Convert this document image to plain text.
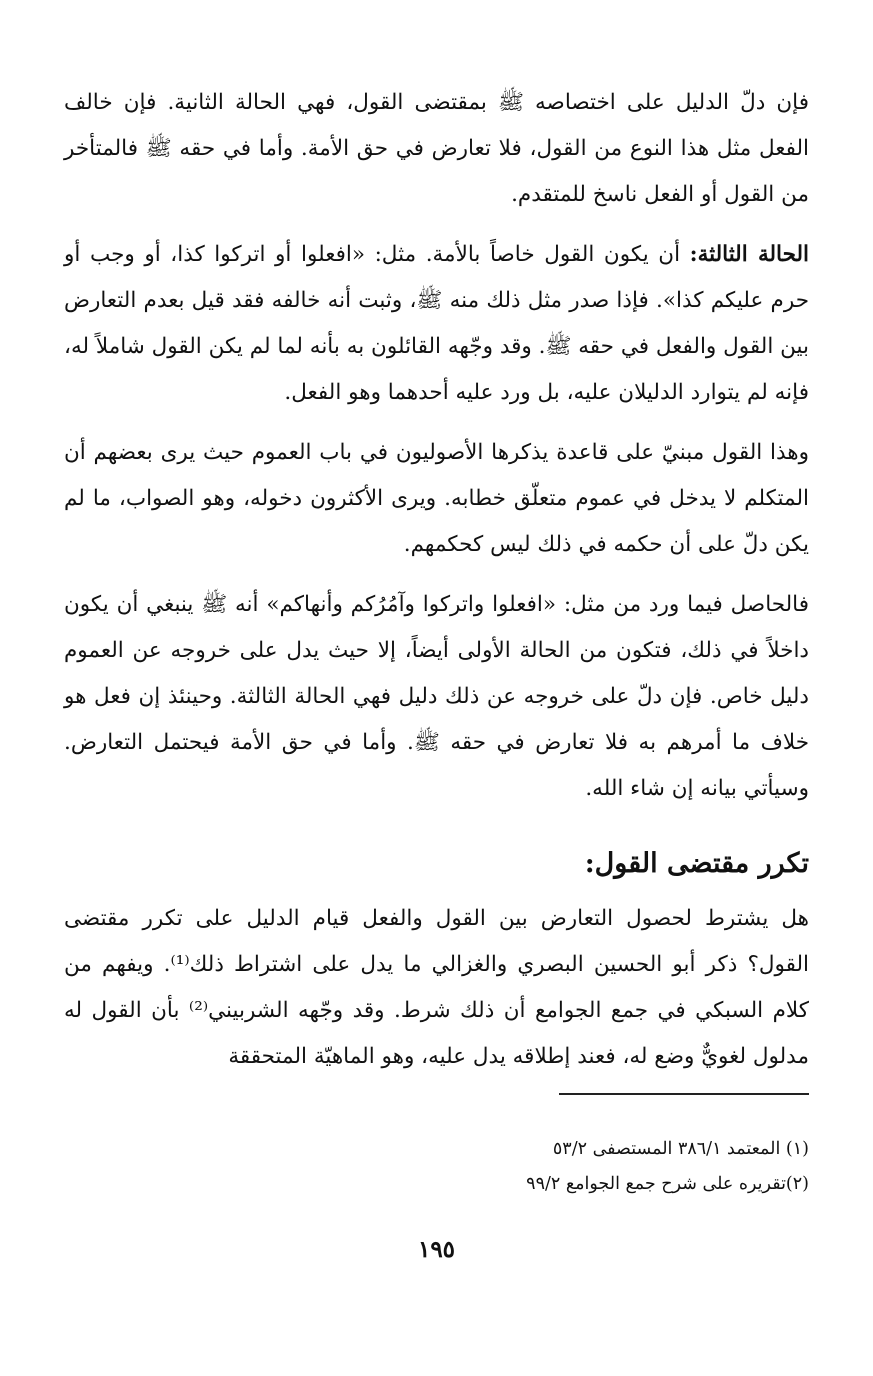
فإن دلّ الدليل على اختصاصه ﷺ بمقتضى القول، فهي الحالة الثانية. فإن خالف الفعل مثل هذا النوع من القول، فلا تعارض في حق الأمة. وأما في حقه ﷺ فالمتأخر من القول أو الفعل ناسخ للمتقدم.

الحالة الثالثة: أن يكون القول خاصاً بالأمة. مثل: «افعلوا أو اتركوا كذا، أو وجب أو حرم عليكم كذا». فإذا صدر مثل ذلك منه ﷺ، وثبت أنه خالفه فقد قيل بعدم التعارض بين القول والفعل في حقه ﷺ. وقد وجّهه القائلون به بأنه لما لم يكن القول شاملاً له، فإنه لم يتوارد الدليلان عليه، بل ورد عليه أحدهما وهو الفعل.

وهذا القول مبنيّ على قاعدة يذكرها الأصوليون في باب العموم حيث يرى بعضهم أن المتكلم لا يدخل في عموم متعلّق خطابه. ويرى الأكثرون دخوله، وهو الصواب، ما لم يكن دلّ على أن حكمه في ذلك ليس كحكمهم.

فالحاصل فيما ورد من مثل: «افعلوا واتركوا وآمُرُكم وأنهاكم» أنه ﷺ ينبغي أن يكون داخلاً في ذلك، فتكون من الحالة الأولى أيضاً، إلا حيث يدل على خروجه عن العموم دليل خاص. فإن دلّ على خروجه عن ذلك دليل فهي الحالة الثالثة. وحينئذ إن فعل هو خلاف ما أمرهم به فلا تعارض في حقه ﷺ. وأما في حق الأمة فيحتمل التعارض. وسيأتي بيانه إن شاء الله.

تكرر مقتضى القول:

هل يشترط لحصول التعارض بين القول والفعل قيام الدليل على تكرر مقتضى القول؟ ذكر أبو الحسين البصري والغزالي ما يدل على اشتراط ذلك⁽¹⁾. ويفهم من كلام السبكي في جمع الجوامع أن ذلك شرط. وقد وجّهه الشربيني⁽²⁾ بأن القول له مدلول لغويٌّ وضع له، فعند إطلاقه يدل عليه، وهو الماهيّة المتحققة

(١) المعتمد ٣٨٦/١ المستصفى ٥٣/٢

(٢)تقريره على شرح جمع الجوامع ٩٩/٢

١٩٥
